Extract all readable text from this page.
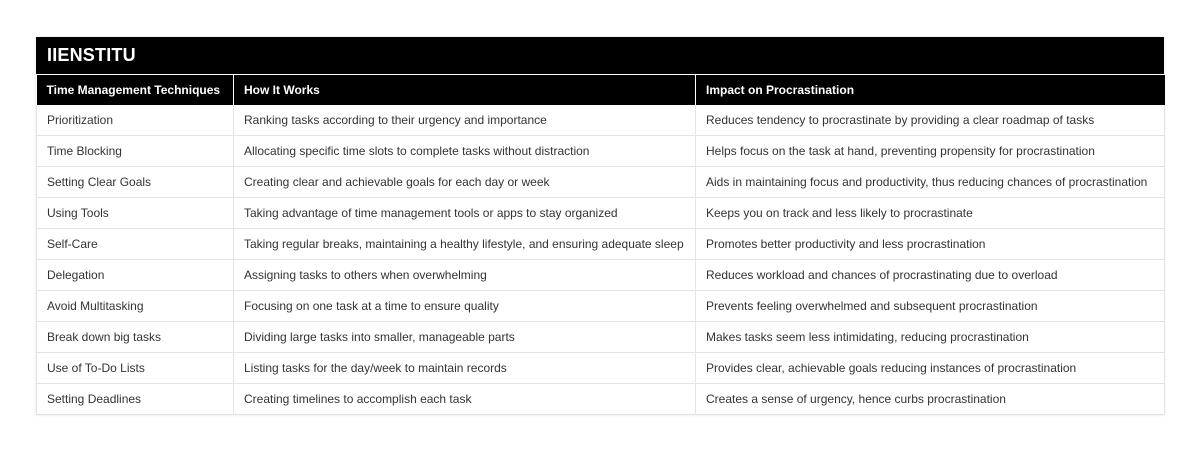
IIENSTITU
Time Management Techniques	How It Works	Impact on Procrastination
Prioritization	Ranking tasks according to their urgency and importance	Reduces tendency to procrastinate by providing a clear roadmap of tasks
Time Blocking	Allocating specific time slots to complete tasks without distraction	Helps focus on the task at hand, preventing propensity for procrastination
Setting Clear Goals	Creating clear and achievable goals for each day or week	Aids in maintaining focus and productivity, thus reducing chances of procrastination
Using Tools	Taking advantage of time management tools or apps to stay organized	Keeps you on track and less likely to procrastinate
Self-Care	Taking regular breaks, maintaining a healthy lifestyle, and ensuring adequate sleep	Promotes better productivity and less procrastination
Delegation	Assigning tasks to others when overwhelming	Reduces workload and chances of procrastinating due to overload
Avoid Multitasking	Focusing on one task at a time to ensure quality	Prevents feeling overwhelmed and subsequent procrastination
Break down big tasks	Dividing large tasks into smaller, manageable parts	Makes tasks seem less intimidating, reducing procrastination
Use of To-Do Lists	Listing tasks for the day/week to maintain records	Provides clear, achievable goals reducing instances of procrastination
Setting Deadlines	Creating timelines to accomplish each task	Creates a sense of urgency, hence curbs procrastination
